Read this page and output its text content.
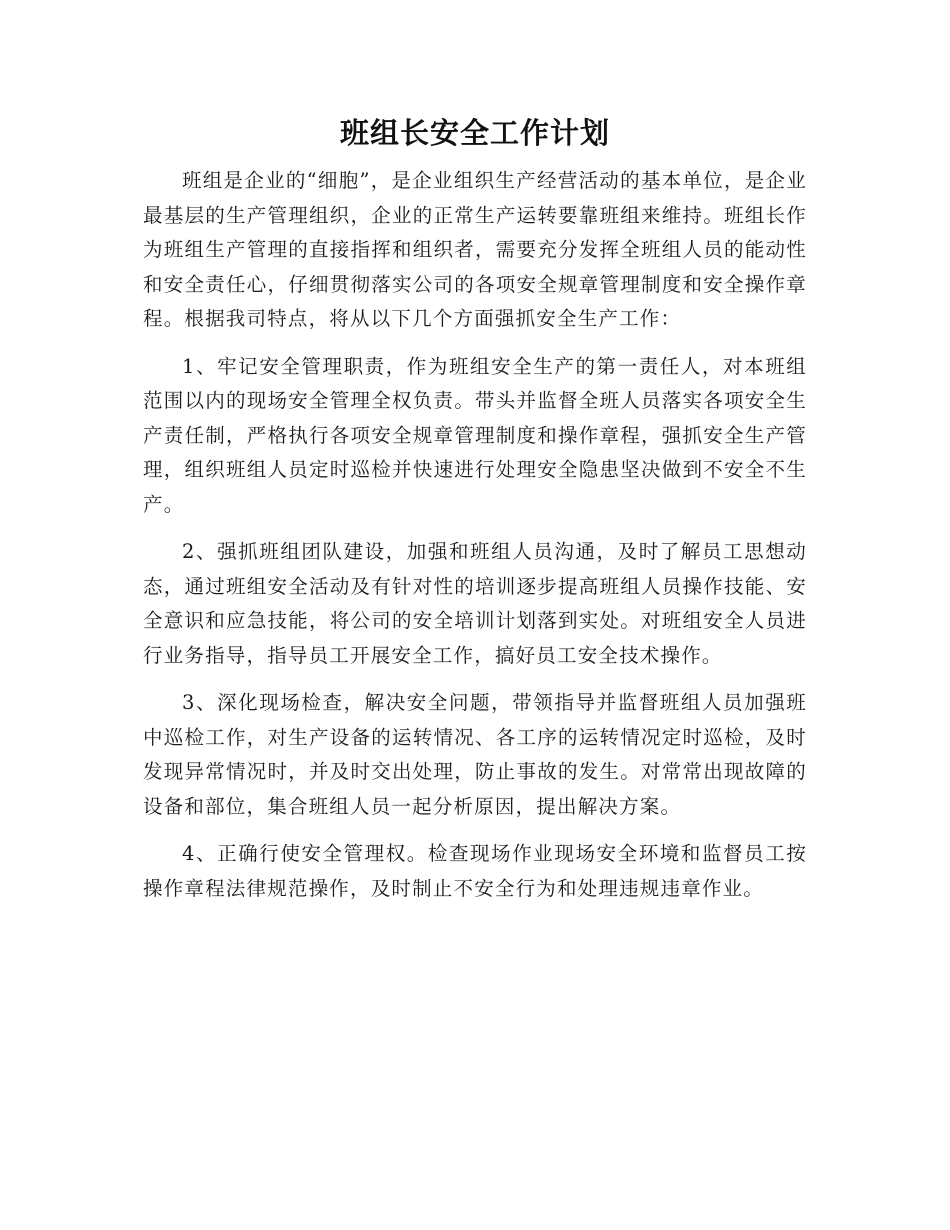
班组长安全工作计划

班组是企业的“细胞”，是企业组织生产经营活动的基本单位，是企业最基层的生产管理组织，企业的正常生产运转要靠班组来维持。班组长作为班组生产管理的直接指挥和组织者，需要充分发挥全班组人员的能动性和安全责任心，仔细贯彻落实公司的各项安全规章管理制度和安全操作章程。根据我司特点，将从以下几个方面强抓安全生产工作：

1、牢记安全管理职责，作为班组安全生产的第一责任人，对本班组范围以内的现场安全管理全权负责。带头并监督全班人员落实各项安全生产责任制，严格执行各项安全规章管理制度和操作章程，强抓安全生产管理，组织班组人员定时巡检并快速进行处理安全隐患坚决做到不安全不生产。

2、强抓班组团队建设，加强和班组人员沟通，及时了解员工思想动态，通过班组安全活动及有针对性的培训逐步提高班组人员操作技能、安全意识和应急技能，将公司的安全培训计划落到实处。对班组安全人员进行业务指导，指导员工开展安全工作，搞好员工安全技术操作。

3、深化现场检查，解决安全问题，带领指导并监督班组人员加强班中巡检工作，对生产设备的运转情况、各工序的运转情况定时巡检，及时发现异常情况时，并及时交出处理，防止事故的发生。对常常出现故障的设备和部位，集合班组人员一起分析原因，提出解决方案。

4、正确行使安全管理权。检查现场作业现场安全环境和监督员工按操作章程法律规范操作，及时制止不安全行为和处理违规违章作业。
